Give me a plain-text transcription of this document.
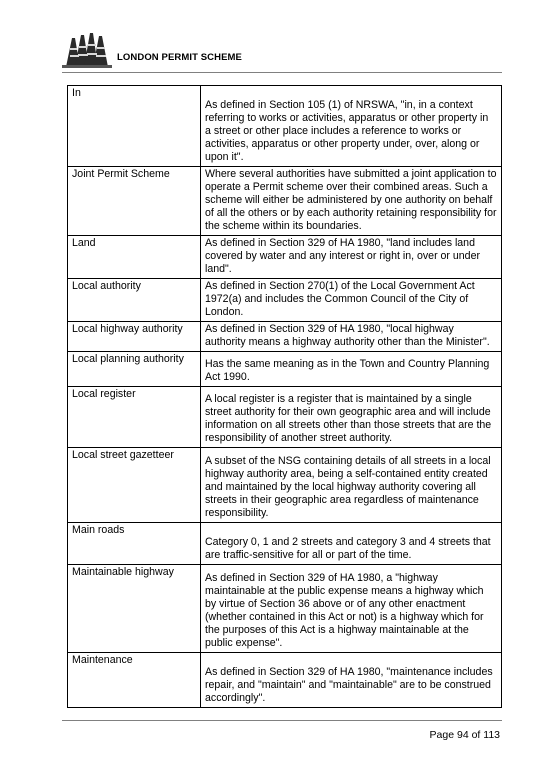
LONDON PERMIT SCHEME
In	As defined in Section 105 (1) of NRSWA, "in, in a context referring to works or activities, apparatus or other property in a street or other place includes a reference to works or activities, apparatus or other property under, over, along or upon it".

Joint Permit Scheme	Where several authorities have submitted a joint application to operate a Permit scheme over their combined areas. Such a scheme will either be administered by one authority on behalf of all the others or by each authority retaining responsibility for the scheme within its boundaries.

Land	As defined in Section 329 of HA 1980, "land includes land covered by water and any interest or right in, over or under land".

Local authority	As defined in Section 270(1) of the Local Government Act 1972(a) and includes the Common Council of the City of London.

Local highway authority	As defined in Section 329 of HA 1980, "local highway authority means a highway authority other than the Minister".

Local planning authority	Has the same meaning as in the Town and Country Planning Act 1990.

Local register	A local register is a register that is maintained by a single street authority for their own geographic area and will include information on all streets other than those streets that are the responsibility of another street authority.

Local street gazetteer	A subset of the NSG containing details of all streets in a local highway authority area, being a self-contained entity created and maintained by the local highway authority covering all streets in their geographic area regardless of maintenance responsibility.

Main roads	Category 0, 1 and 2 streets and category 3 and 4 streets that are traffic-sensitive for all or part of the time.

Maintainable highway	As defined in Section 329 of HA 1980, a "highway maintainable at the public expense means a highway which by virtue of Section 36 above or of any other enactment (whether contained in this Act or not) is a highway which for the purposes of this Act is a highway maintainable at the public expense".

Maintenance	As defined in Section 329 of HA 1980, "maintenance includes repair, and "maintain" and "maintainable" are to be construed accordingly".
Page 94 of 113
